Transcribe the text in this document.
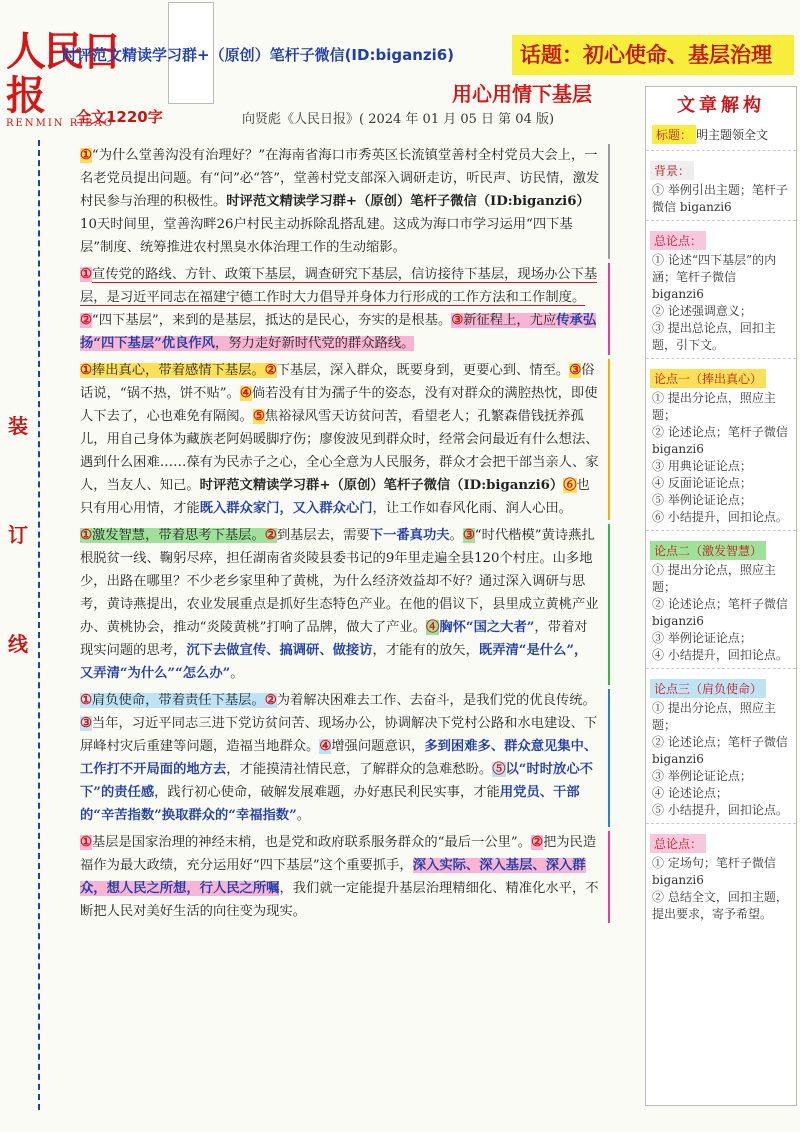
人民日报
RENMIN RIBAO
时评范文精读学习群+（原创）笔杆子微信(ID:biganzi6)	话题：初心使命、基层治理
用心用情下基层
全文1220字	向贤彪《人民日报》( 2024 年 01 月 05 日 第 04 版)
装
订
线
①“为什么堂善沟没有治理好？”在海南省海口市秀英区长流镇堂善村全村党员大会上，一名老党员提出问题。有“问”必“答”，堂善村党支部深入调研走访，听民声、访民情，激发村民参与治理的积极性。时评范文精读学习群+（原创）笔杆子微信（ID:biganzi6）10天时间里，堂善沟畔26户村民主动拆除乱搭乱建。这成为海口市学习运用“四下基层”制度、统筹推进农村黑臭水体治理工作的生动缩影。
①宣传党的路线、方针、政策下基层，调查研究下基层，信访接待下基层，现场办公下基层，是习近平同志在福建宁德工作时大力倡导并身体力行形成的工作方法和工作制度。②“四下基层”，来到的是基层，抵达的是民心，夯实的是根基。③新征程上，尤应传承弘扬“四下基层”优良作风，努力走好新时代党的群众路线。
①捧出真心，带着感情下基层。②下基层，深入群众，既要身到，更要心到、情至。③俗话说，“锅不热，饼不贴”。④倘若没有甘为孺子牛的姿态，没有对群众的满腔热忱，即使人下去了，心也难免有隔阂。⑤焦裕禄风雪天访贫问苦，看望老人；孔繁森借钱抚养孤儿，用自己身体为藏族老阿妈暖脚疗伤；廖俊波见到群众时，经常会问最近有什么想法、遇到什么困难……葆有为民赤子之心，全心全意为人民服务，群众才会把干部当亲人、家人，当友人、知己。时评范文精读学习群+（原创）笔杆子微信（ID:biganzi6）⑥也只有用心用情，才能既入群众家门，又入群众心门，让工作如春风化雨、润人心田。
①激发智慧，带着思考下基层。②到基层去，需要下一番真功夫。③“时代楷模”黄诗燕扎根脱贫一线、鞠躬尽瘁，担任湖南省炎陵县委书记的9年里走遍全县120个村庄。山多地少，出路在哪里？不少老乡家里种了黄桃，为什么经济效益却不好？通过深入调研与思考，黄诗燕提出，农业发展重点是抓好生态特色产业。在他的倡议下，县里成立黄桃产业办、黄桃协会，推动“炎陵黄桃”打响了品牌，做大了产业。④胸怀“国之大者”，带着对现实问题的思考，沉下去做宣传、搞调研、做接访，才能有的放矢，既弄清“是什么”，又弄清“为什么”“怎么办”。
①肩负使命，带着责任下基层。②为着解决困难去工作、去奋斗，是我们党的优良传统。③当年，习近平同志三进下党访贫问苦、现场办公，协调解决下党村公路和水电建设、下屏峰村灾后重建等问题，造福当地群众。④增强问题意识，多到困难多、群众意见集中、工作打不开局面的地方去，才能摸清社情民意，了解群众的急难愁盼。⑤以“时时放心不下”的责任感，践行初心使命，破解发展难题，办好惠民利民实事，才能用党员、干部的“辛苦指数”换取群众的“幸福指数”。
①基层是国家治理的神经末梢，也是党和政府联系服务群众的“最后一公里”。②把为民造福作为最大政绩，充分运用好“四下基层”这个重要抓手，深入实际、深入基层、深入群众，想人民之所想，行人民之所嘱，我们就一定能提升基层治理精细化、精准化水平，不断把人民对美好生活的向往变为现实。
文章解构
标题： 明主题领全文
背景：
① 举例引出主题；笔杆子微信 biganzi6
总论点：
① 论述“四下基层”的内涵；笔杆子微信 biganzi6
② 论述强调意义；
③ 提出总论点，回扣主题，引下文。
论点一（捧出真心）
① 提出分论点，照应主题；
② 论述论点；笔杆子微信 biganzi6
③ 用典论证论点；
④ 反面论证论点；
⑤ 举例论证论点；
⑥ 小结提升，回扣论点。
论点二（激发智慧）
① 提出分论点，照应主题；
② 论述论点；笔杆子微信 biganzi6
③ 举例论证论点；
④ 小结提升，回扣论点。
论点三（肩负使命）
① 提出分论点，照应主题；
② 论述论点；笔杆子微信 biganzi6
③ 举例论证论点；
④ 论述论点；
⑤ 小结提升，回扣论点。
总论点：
① 定场句；笔杆子微信 biganzi6
② 总结全文，回扣主题，提出要求，寄予希望。
